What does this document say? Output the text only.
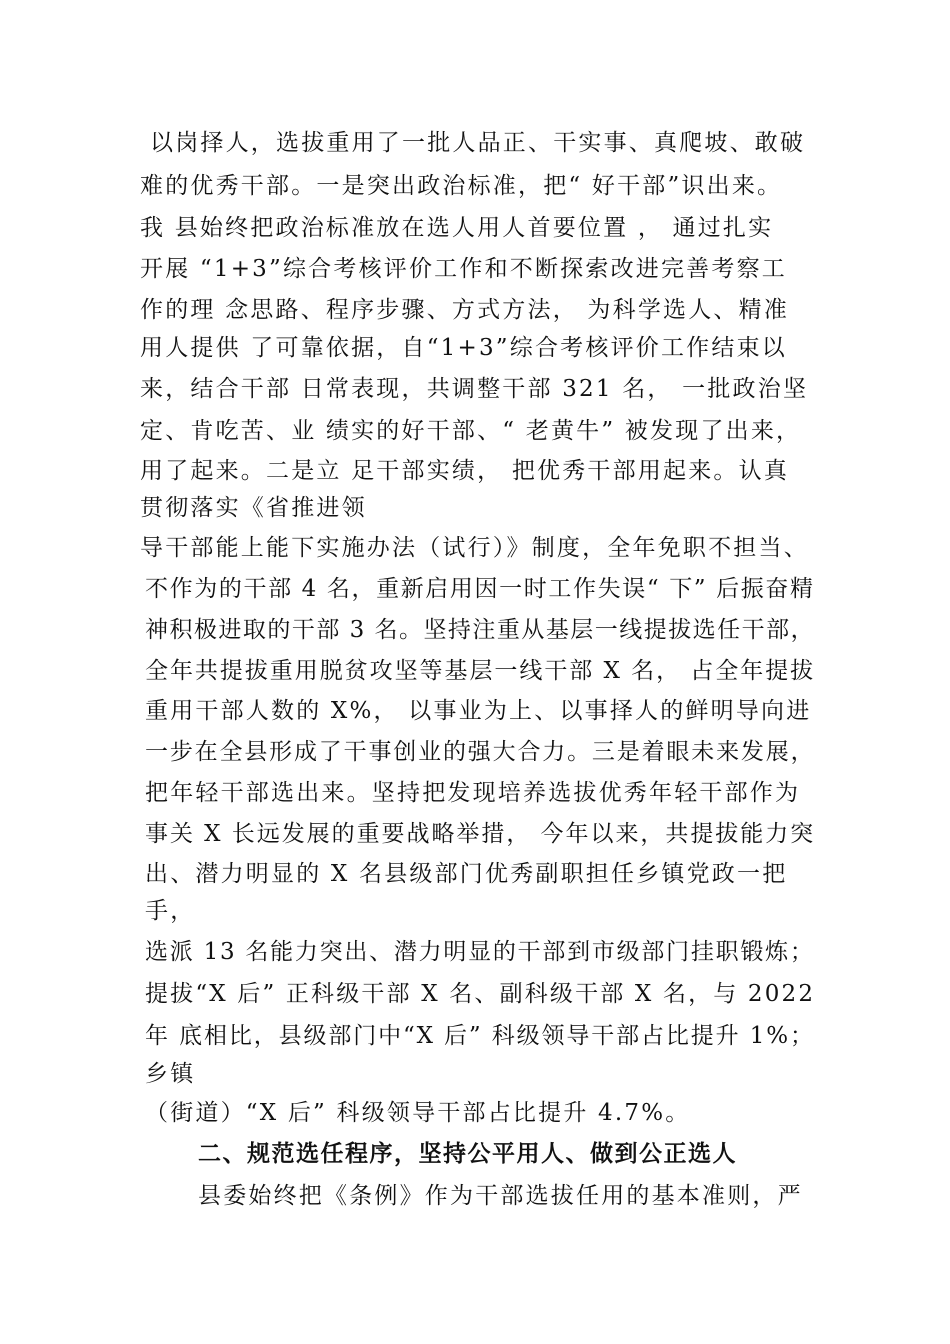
以岗择人，选拔重用了一批人品正、干实事、真爬坡、敢破
难的优秀干部。一是突出政治标准，把“ 好干部”识出来。
我 县始终把政治标准放在选人用人首要位置 ， 通过扎实
开展 “1+3”综合考核评价工作和不断探索改进完善考察工
作的理 念思路、程序步骤、方式方法， 为科学选人、精准
用人提供 了可靠依据，自“1+3”综合考核评价工作结束以
来，结合干部 日常表现，共调整干部 321 名， 一批政治坚
定、肯吃苦、业 绩实的好干部、“ 老黄牛” 被发现了出来，
用了起来。二是立 足干部实绩， 把优秀干部用起来。认真
贯彻落实《省推进领
导干部能上能下实施办法（试行）》制度，全年免职不担当、
不作为的干部 4 名，重新启用因一时工作失误“ 下” 后振奋精
神积极进取的干部 3 名。坚持注重从基层一线提拔选任干部，
全年共提拔重用脱贫攻坚等基层一线干部 X 名， 占全年提拔
重用干部人数的 X%， 以事业为上、以事择人的鲜明导向进
一步在全县形成了干事创业的强大合力。三是着眼未来发展，
把年轻干部选出来。坚持把发现培养选拔优秀年轻干部作为
事关 X 长远发展的重要战略举措， 今年以来，共提拔能力突
出、潜力明显的 X 名县级部门优秀副职担任乡镇党政一把
手，
选派 13 名能力突出、潜力明显的干部到市级部门挂职锻炼；
提拔“X 后” 正科级干部 X 名、副科级干部 X 名，与 2022
年 底相比，县级部门中“X 后” 科级领导干部占比提升 1%；
乡镇
（街道）“X 后” 科级领导干部占比提升 4.7%。
二、规范选任程序，坚持公平用人、做到公正选人
县委始终把《条例》作为干部选拔任用的基本准则，严
